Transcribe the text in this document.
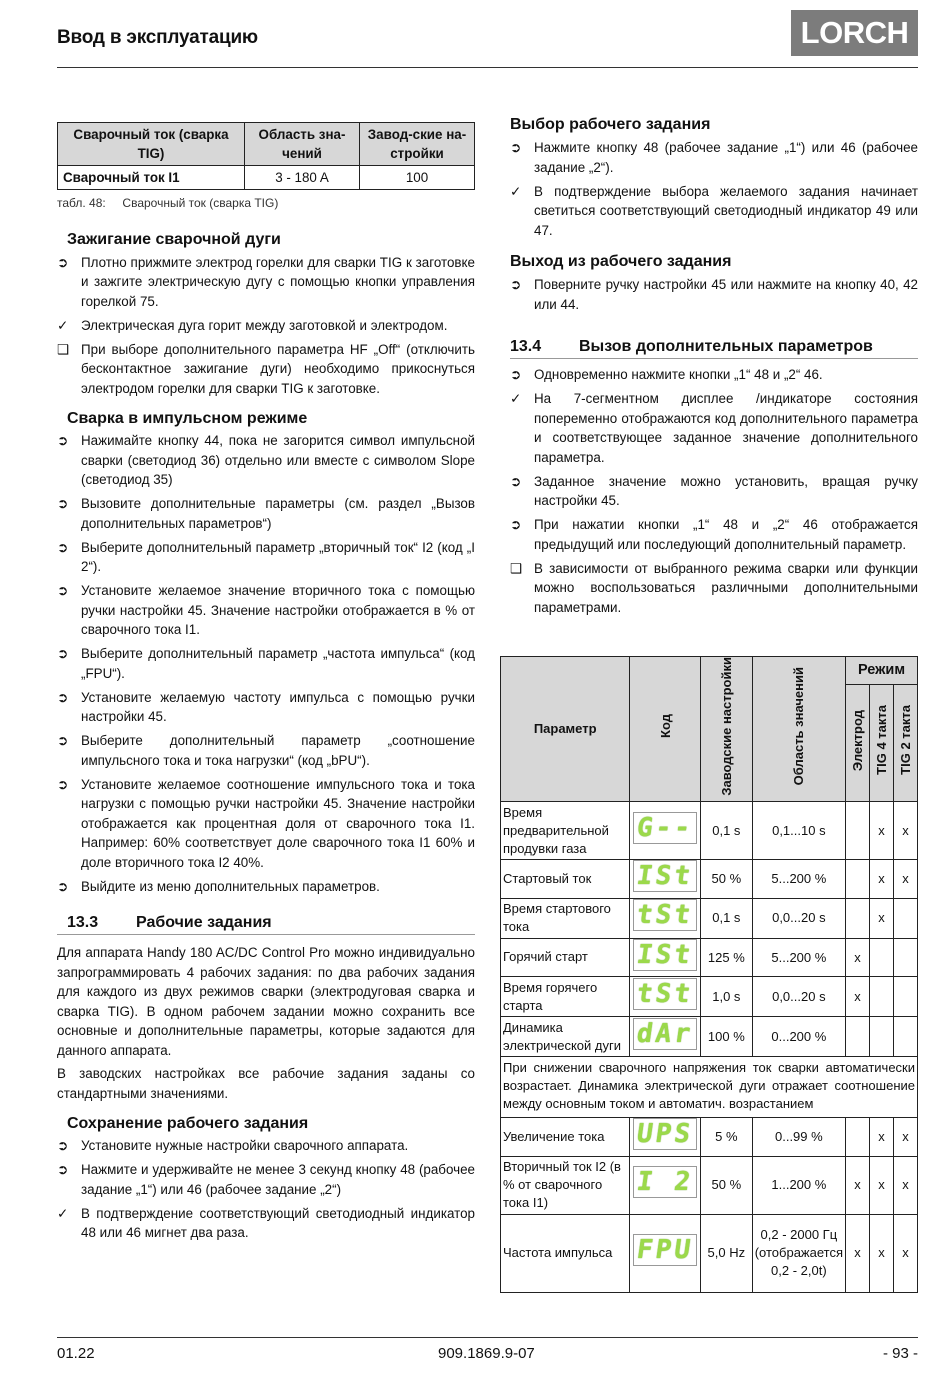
Ввод в эксплуатацию	LORCH
Сварочный ток (сварка TIG)	Область зна-чений	Завод-ские на-стройки
Сварочный ток I1	3 - 180 A	100
табл. 48: Сварочный ток (сварка TIG)
Зажигание сварочной дуги
➲ Плотно прижмите электрод горелки для сварки TIG к заготовке и зажгите электрическую дугу с помощью кнопки управления горелкой 75.
✓ Электрическая дуга горит между заготовкой и электродом.
❑ При выборе дополнительного параметра HF „Off“ (отключить бесконтактное зажигание дуги) необходимо прикоснуться электродом горелки для сварки TIG к заготовке.
Сварка в импульсном режиме
➲ Нажимайте кнопку 44, пока не загорится символ импульсной сварки (светодиод 36) отдельно или вместе с символом Slope (светодиод 35)
➲ Вызовите дополнительные параметры (см. раздел „Вызов дополнительных параметров“)
➲ Выберите дополнительный параметр „вторичный ток“ I2 (код „I 2“).
➲ Установите желаемое значение вторичного тока с помощью ручки настройки 45. Значение настройки отображается в % от сварочного тока I1.
➲ Выберите дополнительный параметр „частота импульса“ (код „FPU“).
➲ Установите желаемую частоту импульса с помощью ручки настройки 45.
➲ Выберите дополнительный параметр „соотношение импульсного тока и тока нагрузки“ (код „bPU“).
➲ Установите желаемое соотношение импульсного тока и тока нагрузки с помощью ручки настройки 45. Значение настройки отображается как процентная доля от сварочного тока I1. Например: 60% соответствует доле сварочного тока I1 60% и доле вторичного тока I2 40%.
➲ Выйдите из меню дополнительных параметров.
13.3	Рабочие задания

Для аппарата Handy 180 AC/DC Control Pro можно индивидуально запрограммировать 4 рабочих задания: по два рабочих задания для каждого из двух режимов сварки (электродуговая сварка и сварка TIG). В одном рабочем задании можно сохранить все основные и дополнительные параметры, которые задаются для данного аппарата.

В заводских настройках все рабочие задания заданы со стандартными значениями.

Сохранение рабочего задания
➲ Установите нужные настройки сварочного аппарата.
➲ Нажмите и удерживайте не менее 3 секунд кнопку 48 (рабочее задание „1“) или 46 (рабочее задание „2“)
✓ В подтверждение соответствующий светодиодный индикатор 48 или 46 мигнет два раза.
Выбор рабочего задания
➲ Нажмите кнопку 48 (рабочее задание „1“) или 46 (рабочее задание „2“).
✓ В подтверждение выбора желаемого задания начинает светиться соответствующий светодиодный индикатор 49 или 47.
Выход из рабочего задания
➲ Поверните ручку настройки 45 или нажмите на кнопку 40, 42 или 44.
13.4	Вызов дополнительных параметров
➲ Одновременно нажмите кнопки „1“ 48 и „2“ 46.
✓ На 7-сегментном дисплее /индикаторе состояния попеременно отображаются код дополнительного параметра и соответствующее заданное значение дополнительного параметра.
➲ Заданное значение можно установить, вращая ручку настройки 45.
➲ При нажатии кнопки „1“ 48 и „2“ 46 отображается предыдущий или последующий дополнительный параметр.
❑ В зависимости от выбранного режима сварки или функции можно воспользоваться различными дополнительными параметрами.
Параметр	Код	Заводские настройки	Область значений	Режим		
				Электрод	TIG 4 такта	TIG 2 такта
Время предварительной продувки газа	G--	0,1 s	0,1...10 s		x	x
Стартовый ток	ISt	50 %	5...200 %		x	x
Время стартового тока	tSt	0,1 s	0,0...20 s		x	
Горячий старт	ISt	125 %	5...200 %	x		
Время горячего старта	tSt	1,0 s	0,0...20 s	x		
Динамика электрической дуги	dAr	100 %	0...200 %			
При снижении сварочного напряжения ток сварки автоматически возрастает. Динамика электрической дуги отражает соотношение между основным током и автоматич. возрастанием						
Увеличение тока	UPS	5 %	0...99 %		x	x
Вторичный ток I2 (в % от сварочного тока I1)	I 2	50 %	1...200 %	x	x	x
Частота импульса	FPU	5,0 Hz	0,2 - 2000 Гц (отображается 0,2 - 2,0t)	x	x	x
01.22	909.1869.9-07	- 93 -
